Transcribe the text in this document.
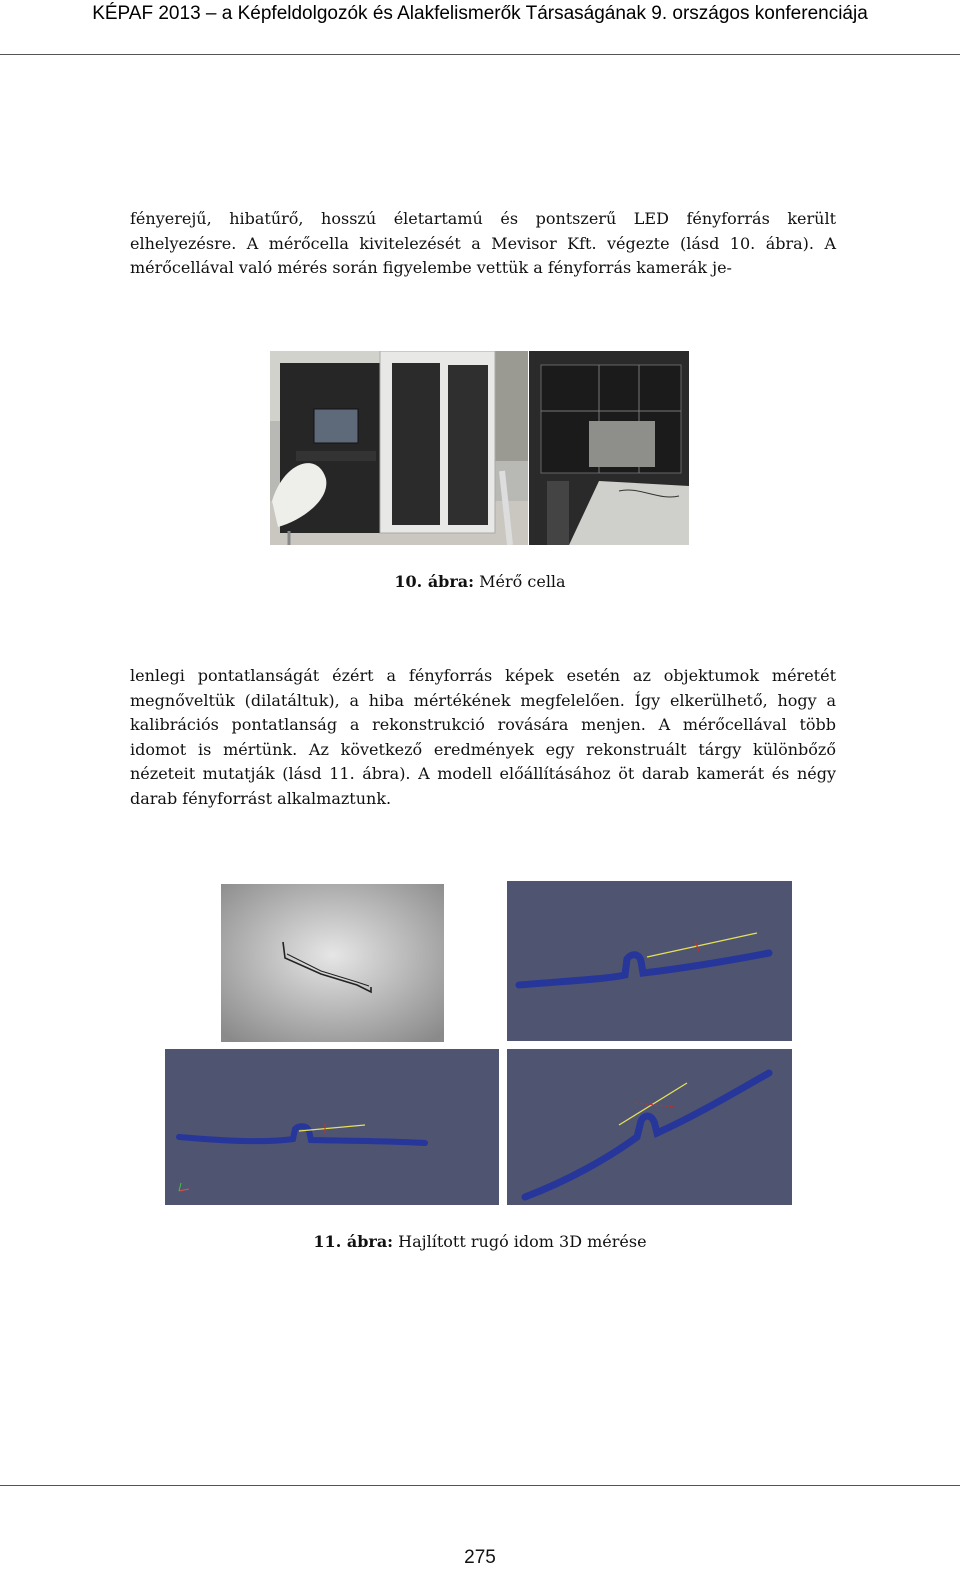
KÉPAF 2013 – a Képfeldolgozók és Alakfelismerők Társaságának 9. országos konferenciája

fényerejű, hibatűrő, hosszú életartamú és pontszerű LED fényforrás került elhelyezésre. A mérőcella kivitelezését a Mevisor Kft. végezte (lásd 10. ábra). A mérőcellával való mérés során figyelembe vettük a fényforrás kamerák je-

10. ábra: Mérő cella

lenlegi pontatlanságát ézért a fényforrás képek esetén az objektumok méretét megnőveltük (dilatáltuk), a hiba mértékének megfelelően. Így elkerülhető, hogy a kalibrációs pontatlanság a rekonstrukció rovására menjen. A mérőcellával több idomot is mértünk. Az következő eredmények egy rekonstruált tárgy különbőző nézeteit mutatják (lásd 11. ábra). A modell előállításához öt darab kamerát és négy darab fényforrást alkalmaztunk.

11. ábra: Hajlított rugó idom 3D mérése
275
